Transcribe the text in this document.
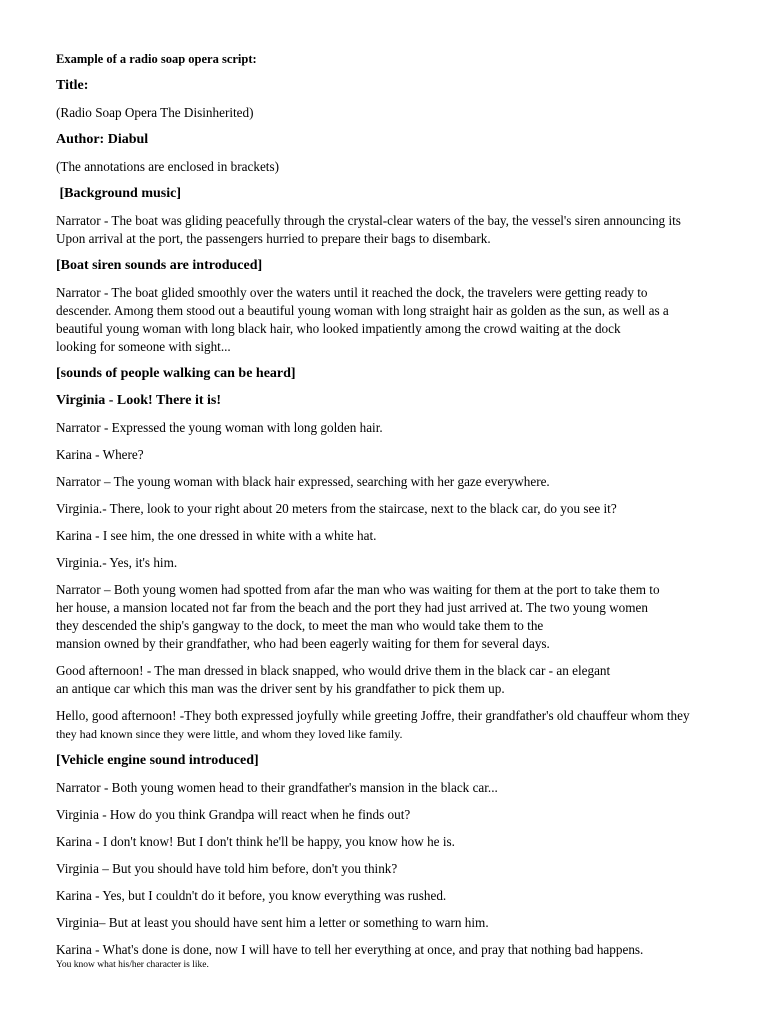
Example of a radio soap opera script:
Title:
(Radio Soap Opera The Disinherited)
Author: Diabul
(The annotations are enclosed in brackets)
[Background music]
Narrator - The boat was gliding peacefully through the crystal-clear waters of the bay, the vessel's siren announcing its
Upon arrival at the port, the passengers hurried to prepare their bags to disembark.
[Boat siren sounds are introduced]
Narrator - The boat glided smoothly over the waters until it reached the dock, the travelers were getting ready to
descender. Among them stood out a beautiful young woman with long straight hair as golden as the sun, as well as a
beautiful young woman with long black hair, who looked impatiently among the crowd waiting at the dock
looking for someone with sight...
[sounds of people walking can be heard]
Virginia - Look! There it is!
Narrator - Expressed the young woman with long golden hair.
Karina - Where?
Narrator – The young woman with black hair expressed, searching with her gaze everywhere.
Virginia.- There, look to your right about 20 meters from the staircase, next to the black car, do you see it?
Karina - I see him, the one dressed in white with a white hat.
Virginia.- Yes, it's him.
Narrator – Both young women had spotted from afar the man who was waiting for them at the port to take them to
her house, a mansion located not far from the beach and the port they had just arrived at. The two young women
they descended the ship's gangway to the dock, to meet the man who would take them to the
mansion owned by their grandfather, who had been eagerly waiting for them for several days.
Good afternoon! - The man dressed in black snapped, who would drive them in the black car - an elegant
an antique car which this man was the driver sent by his grandfather to pick them up.
Hello, good afternoon! -They both expressed joyfully while greeting Joffre, their grandfather's old chauffeur whom they
they had known since they were little, and whom they loved like family.
[Vehicle engine sound introduced]
Narrator - Both young women head to their grandfather's mansion in the black car...
Virginia - How do you think Grandpa will react when he finds out?
Karina - I don't know! But I don't think he'll be happy, you know how he is.
Virginia – But you should have told him before, don't you think?
Karina - Yes, but I couldn't do it before, you know everything was rushed.
Virginia– But at least you should have sent him a letter or something to warn him.
Karina - What's done is done, now I will have to tell her everything at once, and pray that nothing bad happens.
You know what his/her character is like.
